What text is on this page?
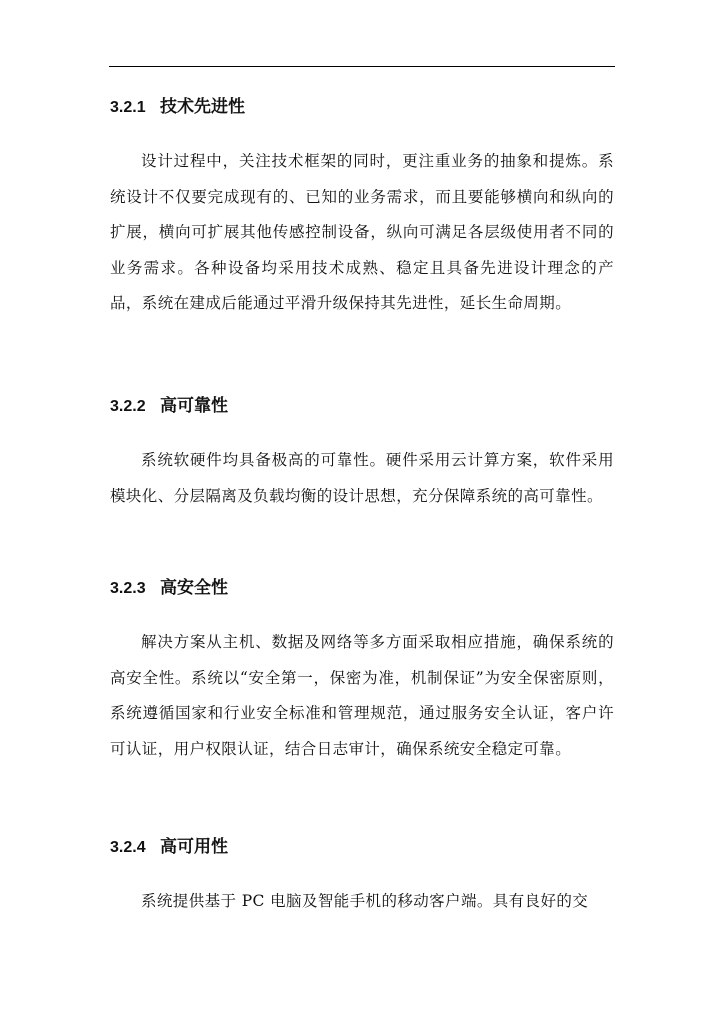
3.2.1 技术先进性

设计过程中，关注技术框架的同时，更注重业务的抽象和提炼。系统设计不仅要完成现有的、已知的业务需求，而且要能够横向和纵向的扩展，横向可扩展其他传感控制设备，纵向可满足各层级使用者不同的业务需求。各种设备均采用技术成熟、稳定且具备先进设计理念的产品，系统在建成后能通过平滑升级保持其先进性，延长生命周期。

3.2.2 高可靠性

系统软硬件均具备极高的可靠性。硬件采用云计算方案，软件采用模块化、分层隔离及负载均衡的设计思想，充分保障系统的高可靠性。

3.2.3 高安全性

解决方案从主机、数据及网络等多方面采取相应措施，确保系统的高安全性。系统以“安全第一，保密为准，机制保证”为安全保密原则，系统遵循国家和行业安全标准和管理规范，通过服务安全认证，客户许可认证，用户权限认证，结合日志审计，确保系统安全稳定可靠。

3.2.4 高可用性

系统提供基于 PC 电脑及智能手机的移动客户端。具有良好的交
